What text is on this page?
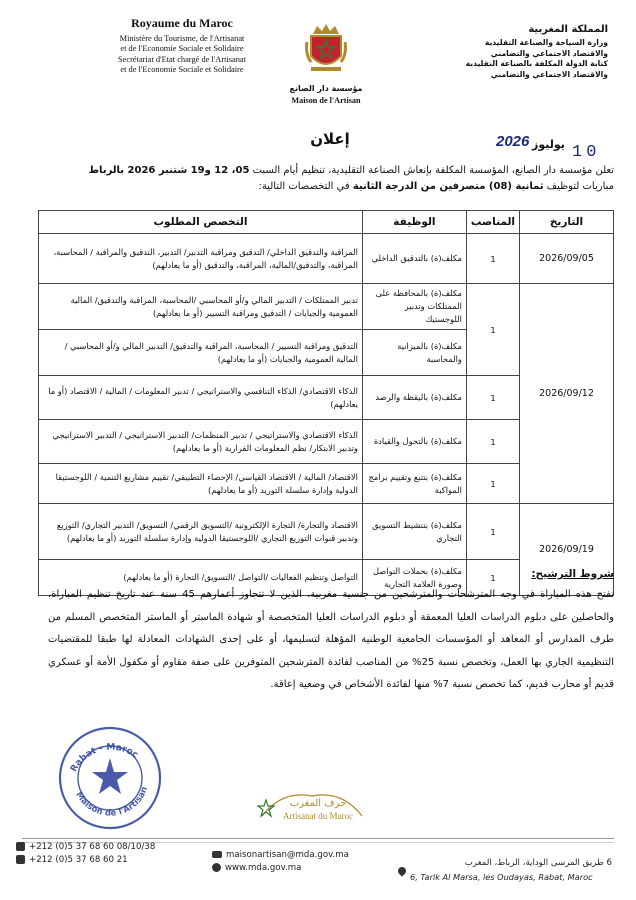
Royaume du Maroc
Ministère du Tourisme, de l'Artisanat
et de l'Economie Sociale et Solidaire
Secrétariat d'Etat chargé de l'Artisanat
et de l'Economie Sociale et Solidaire
مؤسسة دار الصانع
Maison de l'Artisan
المملكة المغربية
وزارة السياحة والصناعة التقليدية
والاقتصاد الاجتماعي والتضامني
كتابة الدولة المكلفة بالصناعة التقليدية
والاقتصاد الاجتماعي والتضامني
إعلان	2026 يوليوز 10
تعلن مؤسسة دار الصانع، المؤسسة المكلفة بإنعاش الصناعة التقليدية، تنظيم أيام السبت 05، 12 و19 شتنبر 2026 بالرباط
مباريات لتوظيف ثمانية (08) متصرفين من الدرجة الثانية في التخصصات التالية:
التاريخ	المناصب	الوظيفة	التخصص المطلوب
2026/09/05	1	مكلف(ة) بالتدقيق الداخلي	المراقبة والتدقيق الداخلي/ التدقيق ومراقبة التدبير/ التدبير، التدقيق والمراقبة / المحاسبة، المراقبة، والتدقيق/المالية، المراقبة، والتدقيق (أو ما يعادلهم)
2026/09/12	1	مكلف(ة) بالمحافظة على الممتلكات وتدبير اللوجستيك	تدبير الممتلكات / التدبير المالي و/أو المحاسبي /المحاسبة، المراقبة والتدقيق/ المالية العمومية والجبايات / التدقيق ومراقبة التسيير (أو ما يعادلهم)
		مكلف(ة) بالميزانية والمحاسبة	التدقيق ومراقبة التسيير / المحاسبة، المراقبة والتدقيق/ التدبير المالي و/أو المحاسبي / المالية العمومية والجبايات (أو ما يعادلهم)
	1	مكلف(ة) باليقظة والرصد	الذكاء الاقتصادي/ الذكاء التنافسي والاستراتيجي / تدبير المعلومات / المالية / الاقتصاد (أو ما يعادلهم)
	1	مكلف(ة) بالتحول والقيادة	الذكاء الاقتصادي والاستراتيجي / تدبير المنظمات/ التدبير الاستراتيجي / التدبير الاستراتيجي وتدبير الابتكار/ نظم المعلومات القرارية (أو ما يعادلهم)
	1	مكلف(ة) بتتبع وتقييم برامج المواكبة	الاقتصاد/ المالية / الاقتصاد القياسي/ الإحصاء التطبيقي/ تقييم مشاريع التنمية / اللوجستيقا الدولية وإدارة سلسلة التوريد (أو ما يعادلهم)
2026/09/19	1	مكلف(ة) بتنشيط التسويق التجاري	الاقتصاد والتجارة/ التجارة الإلكترونية /التسويق الرقمي/ التسويق/ التدبير التجاري/ التوزيع وتدبير قنوات التوزيع التجاري /اللوجستيقا الدولية وإدارة سلسلة التوريد (أو ما يعادلهم)
	1	مكلف(ة) بحملات التواصل وصورة العلامة التجارية	التواصل وتنظيم الفعاليات /التواصل /التسويق/ التجارة (أو ما يعادلهم)	شروط الترشيح:
تفتح هذه المباراة في وجه المترشحات والمترشحين من جنسية مغربية، الذين لا تتجاوز أعمارهم 45 سنة عند تاريخ تنظيم المباراة، والحاصلين على دبلوم الدراسات العليا المعمقة أو دبلوم الدراسات العليا المتخصصة أو شهادة الماستر أو الماستر المتخصص المسلم من طرف المدارس أو المعاهد أو المؤسسات الجامعية الوطنية المؤهلة لتسليمها، أو على إحدى الشهادات المعادلة لها طبقا للمقتضيات التنظيمية الجاري بها العمل، وتخصص نسبة 25% من المناصب لفائدة المترشحين المتوفرين على صفة مقاوم أو مكفول الأمة أو عسكري قديم أو محارب قديم، كما تخصص نسبة 7% منها لفائدة الأشخاص في وضعية إعاقة.
Rabat - Maroc
Maison de l'Artisan
حرف المغرب
Artisanat du Maroc
+212 (0)5 37 68 60 08/10/38
+212 (0)5 37 68 60 21	maisonartisan@mda.gov.ma
www.mda.gov.ma	6 طريق المرسى الوداية، الرباط، المغرب
6, Tarik Al Marsa, les Oudayas, Rabat, Maroc
